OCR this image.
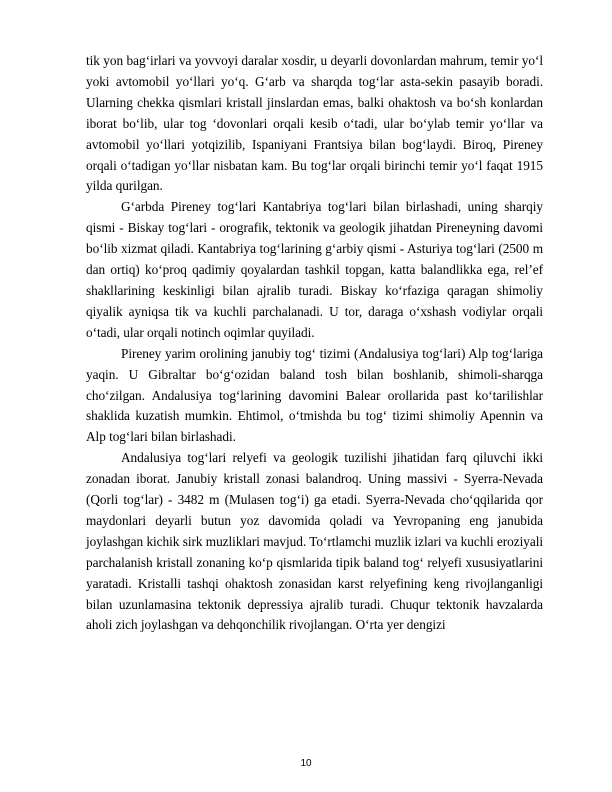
tik yon bag‘irlari va yovvoyi daralar xosdir, u deyarli dovonlardan mahrum, temir yo‘l yoki avtomobil yo‘llari yo‘q. G‘arb va sharqda tog‘lar asta-sekin pasayib boradi. Ularning chekka qismlari kristall jinslardan emas, balki ohaktosh va bo‘sh konlardan iborat bo‘lib, ular tog ‘dovonlari orqali kesib o‘tadi, ular bo‘ylab temir yo‘llar va avtomobil yo‘llari yotqizilib, Ispaniyani Frantsiya bilan bog‘laydi. Biroq, Pireney orqali o‘tadigan yo‘llar nisbatan kam. Bu tog‘lar orqali birinchi temir yo‘l faqat 1915 yilda qurilgan.

G‘arbda Pireney tog‘lari Kantabriya tog‘lari bilan birlashadi, uning sharqiy qismi - Biskay tog‘lari - orografik, tektonik va geologik jihatdan Pireneyning davomi bo‘lib xizmat qiladi. Kantabriya tog‘larining g‘arbiy qismi - Asturiya tog‘lari (2500 m dan ortiq) ko‘proq qadimiy qoyalardan tashkil topgan, katta balandlikka ega, rel’ef shakllarining keskinligi bilan ajralib turadi. Biskay ko‘rfaziga qaragan shimoliy qiyalik ayniqsa tik va kuchli parchalanadi. U tor, daraga o‘xshash vodiylar orqali o‘tadi, ular orqali notinch oqimlar quyiladi.

Pireney yarim orolining janubiy tog‘ tizimi (Andalusiya tog‘lari) Alp tog‘lariga yaqin. U Gibraltar bo‘g‘ozidan baland tosh bilan boshlanib, shimoli-sharqga cho‘zilgan. Andalusiya tog‘larining davomini Balear orollarida past ko‘tarilishlar shaklida kuzatish mumkin. Ehtimol, o‘tmishda bu tog‘ tizimi shimoliy Apennin va Alp tog‘lari bilan birlashadi.

Andalusiya tog‘lari relyefi va geologik tuzilishi jihatidan farq qiluvchi ikki zonadan iborat. Janubiy kristall zonasi balandroq. Uning massivi - Syerra-Nevada (Qorli tog‘lar) - 3482 m (Mulasen tog‘i) ga etadi. Syerra-Nevada cho‘qqilarida qor maydonlari deyarli butun yoz davomida qoladi va Yevropaning eng janubida joylashgan kichik sirk muzliklari mavjud. To‘rtlamchi muzlik izlari va kuchli eroziyali parchalanish kristall zonaning ko‘p qismlarida tipik baland tog‘ relyefi xususiyatlarini yaratadi. Kristalli tashqi ohaktosh zonasidan karst relyefining keng rivojlanganligi bilan uzunlamasina tektonik depressiya ajralib turadi. Chuqur tektonik havzalarda aholi zich joylashgan va dehqonchilik rivojlangan. O‘rta yer dengizi

10
